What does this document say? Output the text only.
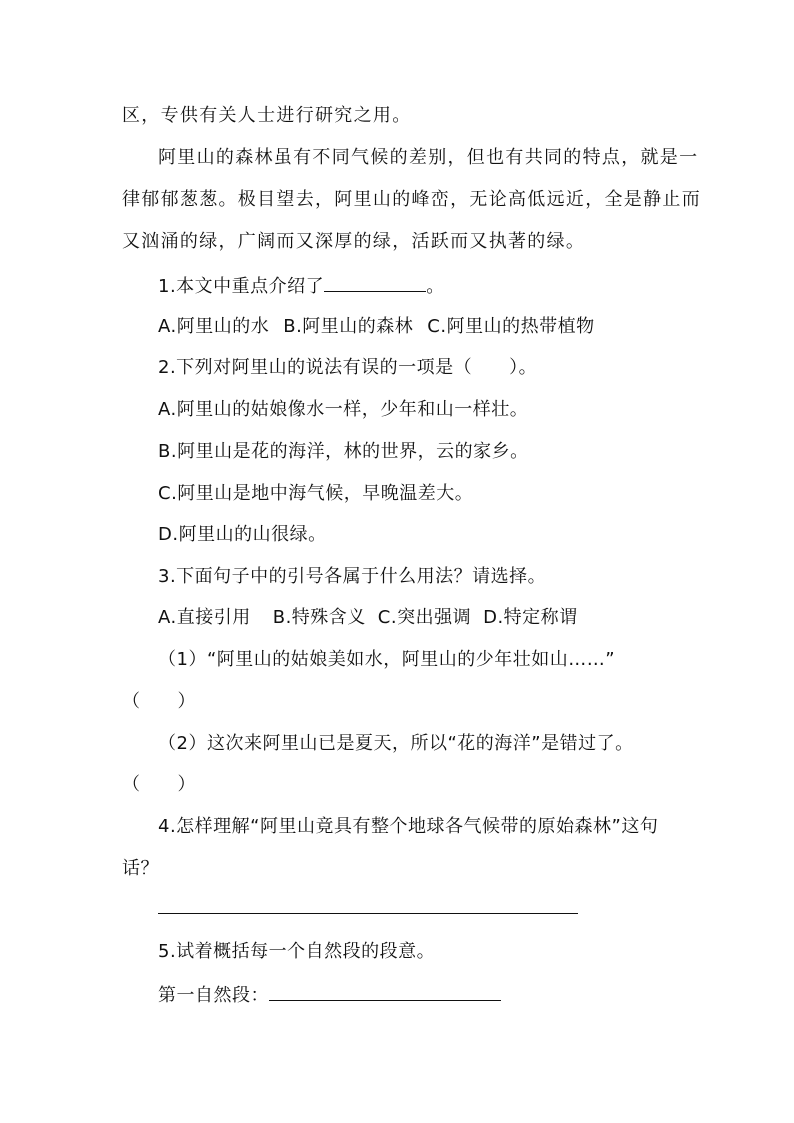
区，专供有关人士进行研究之用。
阿里山的森林虽有不同气候的差别，但也有共同的特点，就是一
律郁郁葱葱。极目望去，阿里山的峰峦，无论高低远近，全是静止而
又汹涌的绿，广阔而又深厚的绿，活跃而又执著的绿。
1.本文中重点介绍了	。
A.阿里山的水 B.阿里山的森林 C.阿里山的热带植物
2.下列对阿里山的说法有误的一项是（　　）。
A.阿里山的姑娘像水一样，少年和山一样壮。
B.阿里山是花的海洋，林的世界，云的家乡。
C.阿里山是地中海气候，早晚温差大。
D.阿里山的山很绿。
3.下面句子中的引号各属于什么用法？请选择。
A.直接引用 B.特殊含义 C.突出强调 D.特定称谓
（1）“阿里山的姑娘美如水，阿里山的少年壮如山……”
（　　）
（2）这次来阿里山已是夏天，所以“花的海洋”是错过了。
（　　）
4.怎样理解“阿里山竟具有整个地球各气候带的原始森林”这句
话？
5.试着概括每一个自然段的段意。
第一自然段：
